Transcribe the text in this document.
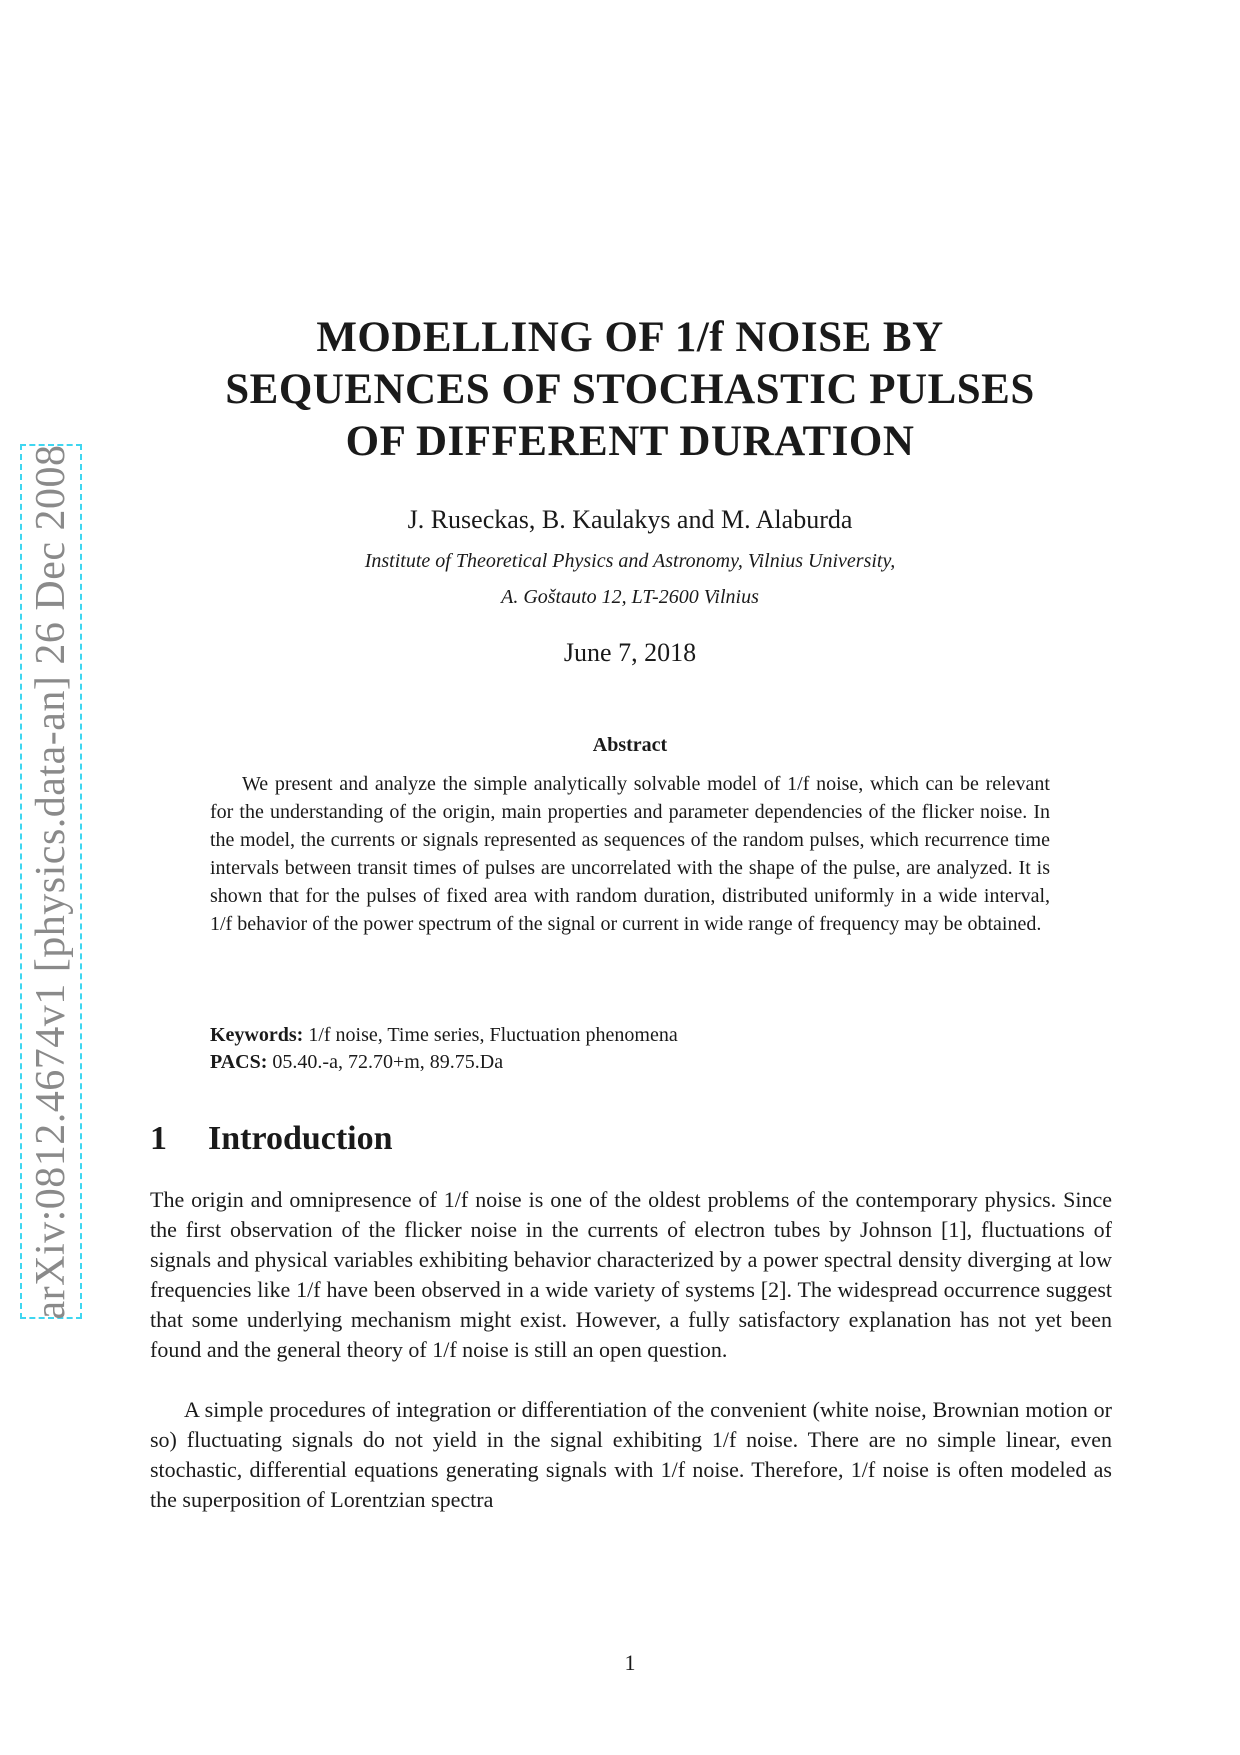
arXiv:0812.4674v1 [physics.data-an] 26 Dec 2008
MODELLING OF 1/f NOISE BY
SEQUENCES OF STOCHASTIC PULSES
OF DIFFERENT DURATION

J. Ruseckas, B. Kaulakys and M. Alaburda

Institute of Theoretical Physics and Astronomy, Vilnius University,
A. Goštauto 12, LT-2600 Vilnius

June 7, 2018

Abstract

We present and analyze the simple analytically solvable model of 1/f noise, which can be relevant for the understanding of the origin, main properties and parameter dependencies of the flicker noise. In the model, the currents or signals represented as sequences of the random pulses, which recurrence time intervals between transit times of pulses are uncorrelated with the shape of the pulse, are analyzed. It is shown that for the pulses of fixed area with random duration, distributed uniformly in a wide interval, 1/f behavior of the power spectrum of the signal or current in wide range of frequency may be obtained.

Keywords: 1/f noise, Time series, Fluctuation phenomena

PACS: 05.40.-a, 72.70+m, 89.75.Da

1 Introduction

The origin and omnipresence of 1/f noise is one of the oldest problems of the contemporary physics. Since the first observation of the flicker noise in the currents of electron tubes by Johnson [1], fluctuations of signals and physical variables exhibiting behavior characterized by a power spectral density diverging at low frequencies like 1/f have been observed in a wide variety of systems [2]. The widespread occurrence suggest that some underlying mechanism might exist. However, a fully satisfactory explanation has not yet been found and the general theory of 1/f noise is still an open question.

A simple procedures of integration or differentiation of the convenient (white noise, Brownian motion or so) fluctuating signals do not yield in the signal exhibiting 1/f noise. There are no simple linear, even stochastic, differential equations generating signals with 1/f noise. Therefore, 1/f noise is often modeled as the superposition of Lorentzian spectra

1
